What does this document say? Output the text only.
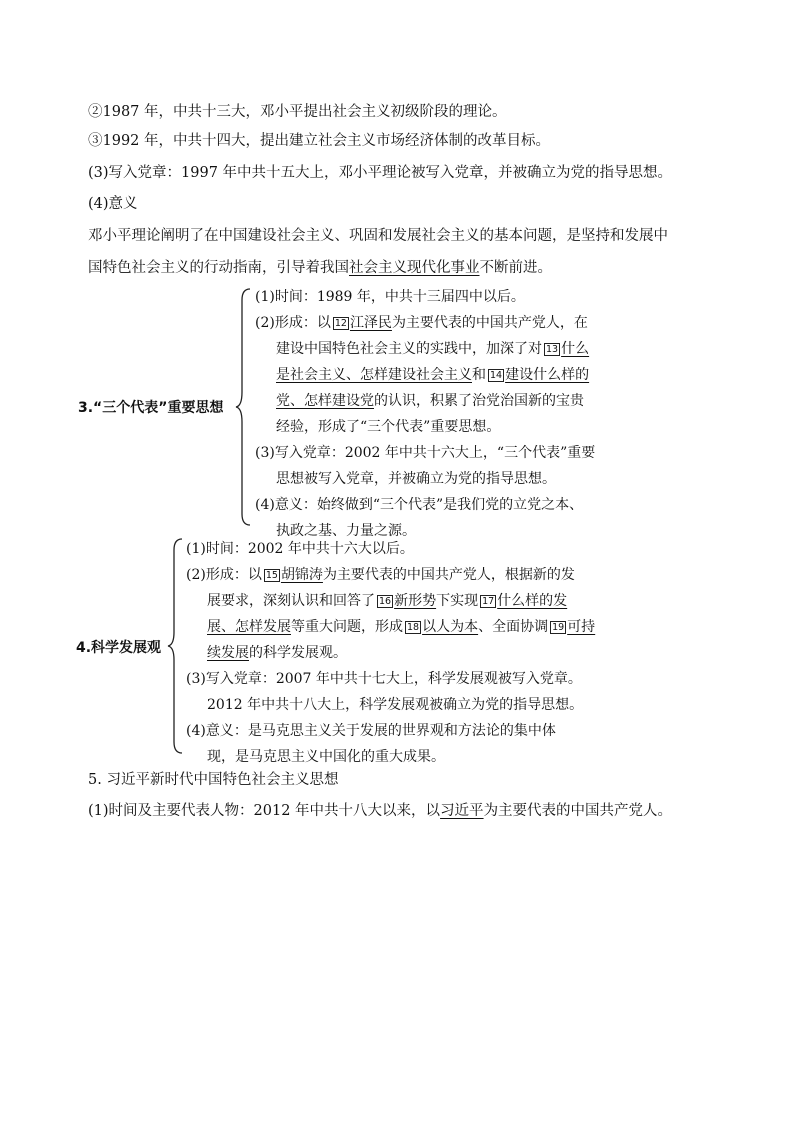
②1987 年，中共十三大，邓小平提出社会主义初级阶段的理论。
③1992 年，中共十四大，提出建立社会主义市场经济体制的改革目标。
(3)写入党章：1997 年中共十五大上，邓小平理论被写入党章，并被确立为党的指导思想。
(4)意义
邓小平理论阐明了在中国建设社会主义、巩固和发展社会主义的基本问题，是坚持和发展中
国特色社会主义的行动指南，引导着我国社会主义现代化事业不断前进。
3.“三个代表”重要思想
(1)时间：1989 年，中共十三届四中以后。
(2)形成：以 12 江泽民为主要代表的中国共产党人，在
建设中国特色社会主义的实践中，加深了对 13 什么
是社会主义、怎样建设社会主义和 14 建设什么样的
党、怎样建设党的认识，积累了治党治国新的宝贵
经验，形成了“三个代表”重要思想。
(3)写入党章：2002 年中共十六大上，“三个代表”重要
思想被写入党章，并被确立为党的指导思想。
(4)意义：始终做到“三个代表”是我们党的立党之本、
执政之基、力量之源。
4.科学发展观
(1)时间：2002 年中共十六大以后。
(2)形成：以 15 胡锦涛为主要代表的中国共产党人，根据新的发
展要求，深刻认识和回答了 16 新形势下实现 17 什么样的发
展、怎样发展等重大问题，形成 18 以人为本、全面协调 19 可持
续发展的科学发展观。
(3)写入党章：2007 年中共十七大上，科学发展观被写入党章。
2012 年中共十八大上，科学发展观被确立为党的指导思想。
(4)意义：是马克思主义关于发展的世界观和方法论的集中体
现，是马克思主义中国化的重大成果。
5. 习近平新时代中国特色社会主义思想
(1)时间及主要代表人物：2012 年中共十八大以来，以习近平为主要代表的中国共产党人。
